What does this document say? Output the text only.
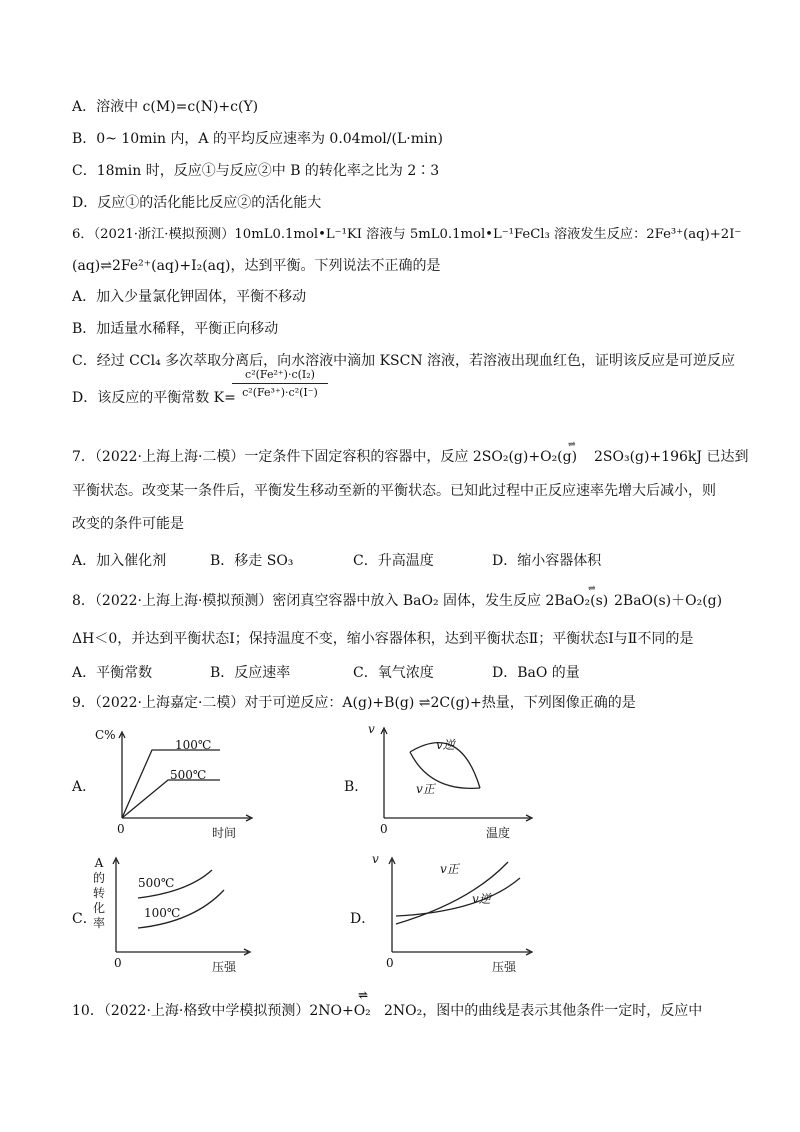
A．溶液中 c(M)=c(N)+c(Y)
B．0~ 10min 内，A 的平均反应速率为 0.04mol/(L·min)
C．18min 时，反应①与反应②中 B 的转化率之比为 2∶3
D．反应①的活化能比反应②的活化能大
6．（2021·浙江·模拟预测）10mL0.1mol•L⁻¹KI 溶液与 5mL0.1mol•L⁻¹FeCl₃ 溶液发生反应：2Fe³⁺(aq)+2I⁻
(aq)⇌2Fe²⁺(aq)+I₂(aq)，达到平衡。下列说法不正确的是
A．加入少量氯化钾固体，平衡不移动
B．加适量水稀释，平衡正向移动
C．经过 CCl₄ 多次萃取分离后，向水溶液中滴加 KSCN 溶液，若溶液出现血红色，证明该反应是可逆反应
D．该反应的平衡常数 K=
c²(Fe²⁺)·c(I₂)
c²(Fe³⁺)·c²(I⁻)
7．（2022·上海上海·二模）一定条件下固定容积的容器中，反应 2SO₂(g)+O₂(g)
⇌
2SO₃(g)+196kJ 已达到
平衡状态。改变某一条件后，平衡发生移动至新的平衡状态。已知此过程中正反应速率先增大后减小，则
改变的条件可能是
A．加入催化剂	B．移走 SO₃	C．升高温度	D．缩小容器体积
8．（2022·上海上海·模拟预测）密闭真空容器中放入 BaO₂ 固体，发生反应 2BaO₂(s)
⇌
2BaO(s)＋O₂(g)
ΔH＜0，并达到平衡状态Ⅰ；保持温度不变，缩小容器体积，达到平衡状态Ⅱ；平衡状态Ⅰ与Ⅱ不同的是
A．平衡常数	B．反应速率	C．氧气浓度	D．BaO 的量
9．（2022·上海嘉定·二模）对于可逆反应：A(g)+B(g) ⇌2C(g)+热量，下列图像正确的是
A．
C%
100℃
500℃
0	时间
B．
v
v逆
v正
0	温度
C．
A
的
转
化
率
500℃
100℃
0	压强
D．
v
v正
v逆
0	压强
10．（2022·上海·格致中学模拟预测）2NO+O₂
⇌
2NO₂，图中的曲线是表示其他条件一定时，反应中
